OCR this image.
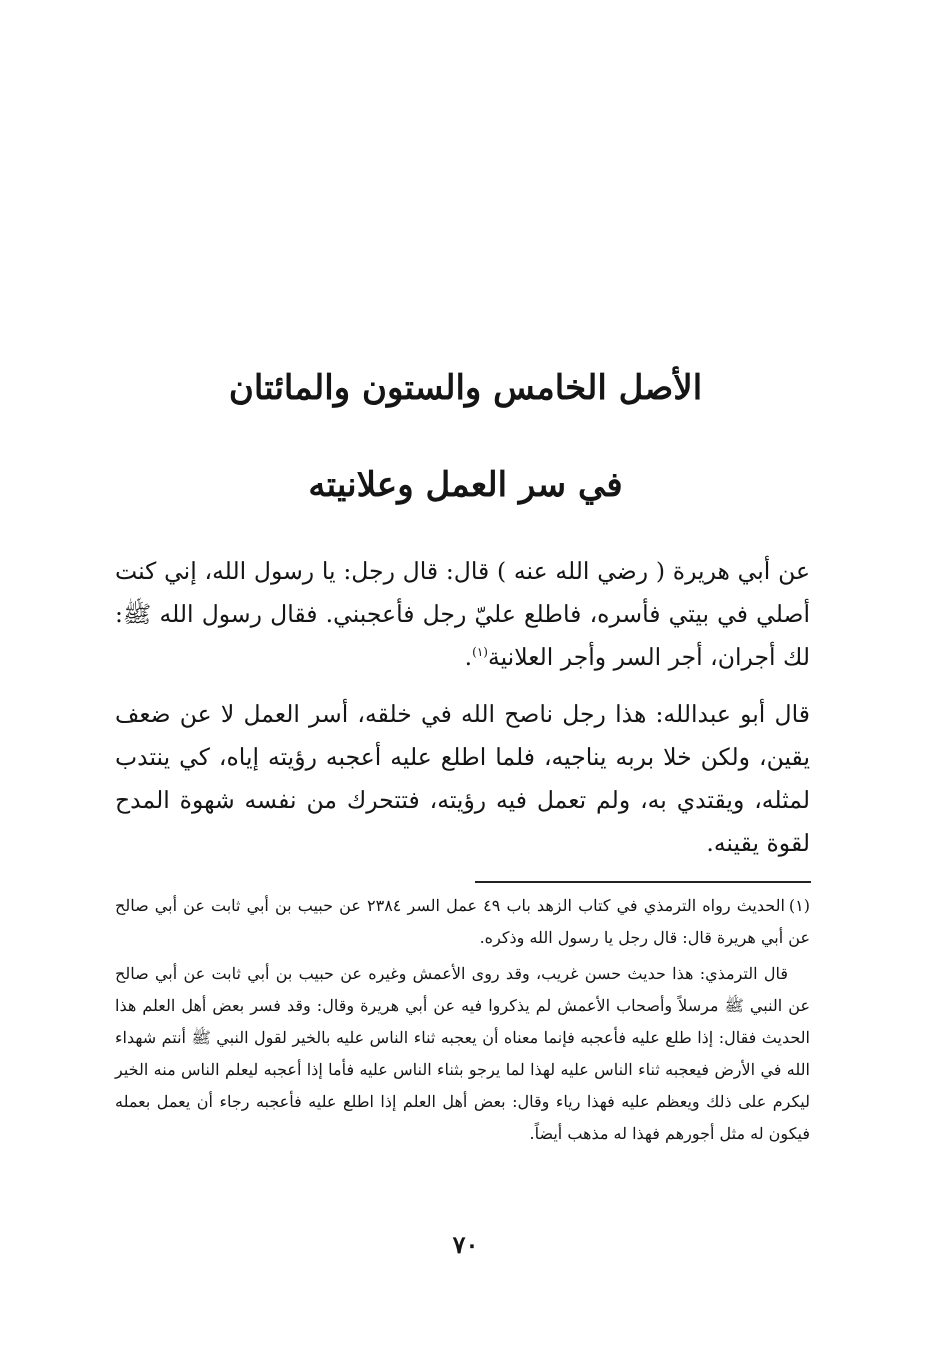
الأصل الخامس والستون والمائتان
في سر العمل وعلانيته

عن أبي هريرة ( رضي الله عنه ) قال: قال رجل: يا رسول الله، إني كنت أصلي في بيتي فأسره، فاطلع عليّ رجل فأعجبني. فقال رسول الله ﷺ: لك أجران، أجر السر وأجر العلانية$^{(١)}$.

قال أبو عبدالله: هذا رجل ناصح الله في خلقه، أسر العمل لا عن ضعف يقين، ولكن خلا بربه يناجيه، فلما اطلع عليه أعجبه رؤيته إياه، كي ينتدب لمثله، ويقتدي به، ولم تعمل فيه رؤيته، فتتحرك من نفسه شهوة المدح لقوة يقينه.

(١)الحديث رواه الترمذي في كتاب الزهد باب ٤٩ عمل السر ٢٣٨٤ عن حبيب بن أبي ثابت عن أبي صالح عن أبي هريرة قال: قال رجل يا رسول الله وذكره.

قال الترمذي: هذا حديث حسن غريب، وقد روى الأعمش وغيره عن حبيب بن أبي ثابت عن أبي صالح عن النبي ﷺ مرسلاً وأصحاب الأعمش لم يذكروا فيه عن أبي هريرة وقال: وقد فسر بعض أهل العلم هذا الحديث فقال: إذا طلع عليه فأعجبه فإنما معناه أن يعجبه ثناء الناس عليه بالخير لقول النبي ﷺ أنتم شهداء الله في الأرض فيعجبه ثناء الناس عليه لهذا لما يرجو بثناء الناس عليه فأما إذا أعجبه ليعلم الناس منه الخير ليكرم على ذلك ويعظم عليه فهذا رياء وقال: بعض أهل العلم إذا اطلع عليه فأعجبه رجاء أن يعمل بعمله فيكون له مثل أجورهم فهذا له مذهب أيضاً.

٧٠
